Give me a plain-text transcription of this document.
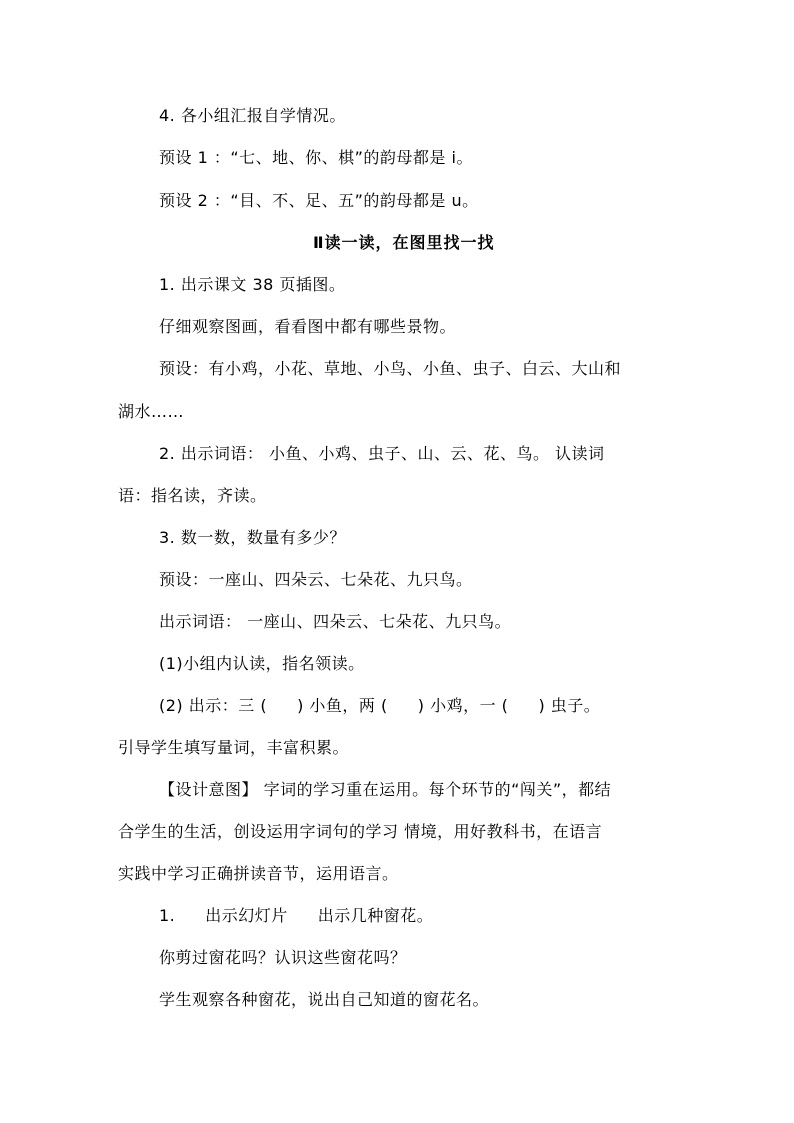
4. 各小组汇报自学情况。
预设 1 ：“七、地、你、棋”的韵母都是 i。
预设 2 ：“目、不、足、五”的韵母都是 u。
Ⅱ读一读，在图里找一找
1. 出示课文 38 页插图。
仔细观察图画，看看图中都有哪些景物。
预设：有小鸡，小花、草地、小鸟、小鱼、虫子、白云、大山和
湖水……
2. 出示词语： 小鱼、小鸡、虫子、山、云、花、鸟。 认读词
语：指名读，齐读。
3. 数一数，数量有多少？
预设：一座山、四朵云、七朵花、九只鸟。
出示词语： 一座山、四朵云、七朵花、九只鸟。
(1)小组内认读，指名领读。
(2) 出示：三 ( ) 小鱼，两 ( ) 小鸡，一 ( ) 虫子。
引导学生填写量词，丰富积累。
【设计意图】 字词的学习重在运用。每个环节的“闯关”，都结
合学生的生活，创设运用字词句的学习 情境，用好教科书，在语言
实践中学习正确拼读音节，运用语言。
1. 出示幻灯片 出示几种窗花。
你剪过窗花吗？认识这些窗花吗？
学生观察各种窗花，说出自己知道的窗花名。
